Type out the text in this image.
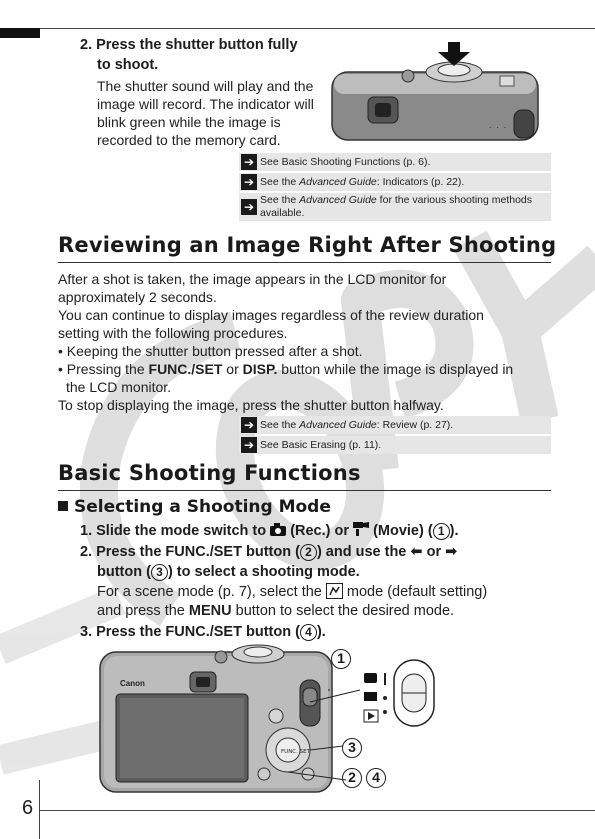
6
2. Press the shutter button fully
to shoot.
The shutter sound will play and the
image will record. The indicator will
blink green while the image is
recorded to the memory card.	˙ ˙ ˙
➔ See Basic Shooting Functions (p. 6).
➔ See the Advanced Guide: Indicators (p. 22).
➔ See the Advanced Guide for the various shooting methods
available.
Reviewing an Image Right After Shooting
After a shot is taken, the image appears in the LCD monitor for
approximately 2 seconds.
You can continue to display images regardless of the review duration
setting with the following procedures.
• Keeping the shutter button pressed after a shot.
• Pressing the FUNC./SET or DISP. button while the image is displayed in
the LCD monitor.
To stop displaying the image, press the shutter button halfway.
➔ See the Advanced Guide: Review (p. 27).
➔ See Basic Erasing (p. 11).
Basic Shooting Functions
Selecting a Shooting Mode
1. Slide the mode switch to  (Rec.) or  (Movie) ( 1 ).
2. Press the FUNC./SET button ( 2 ) and use the ⬅ or ➡
button ( 3 ) to select a shooting mode.
For a scene mode (p. 7), select the  mode (default setting)
and press the MENU button to select the desired mode.
3. Press the FUNC./SET button ( 4 ).
Canon
FUNC. SET
1
3
2	4
